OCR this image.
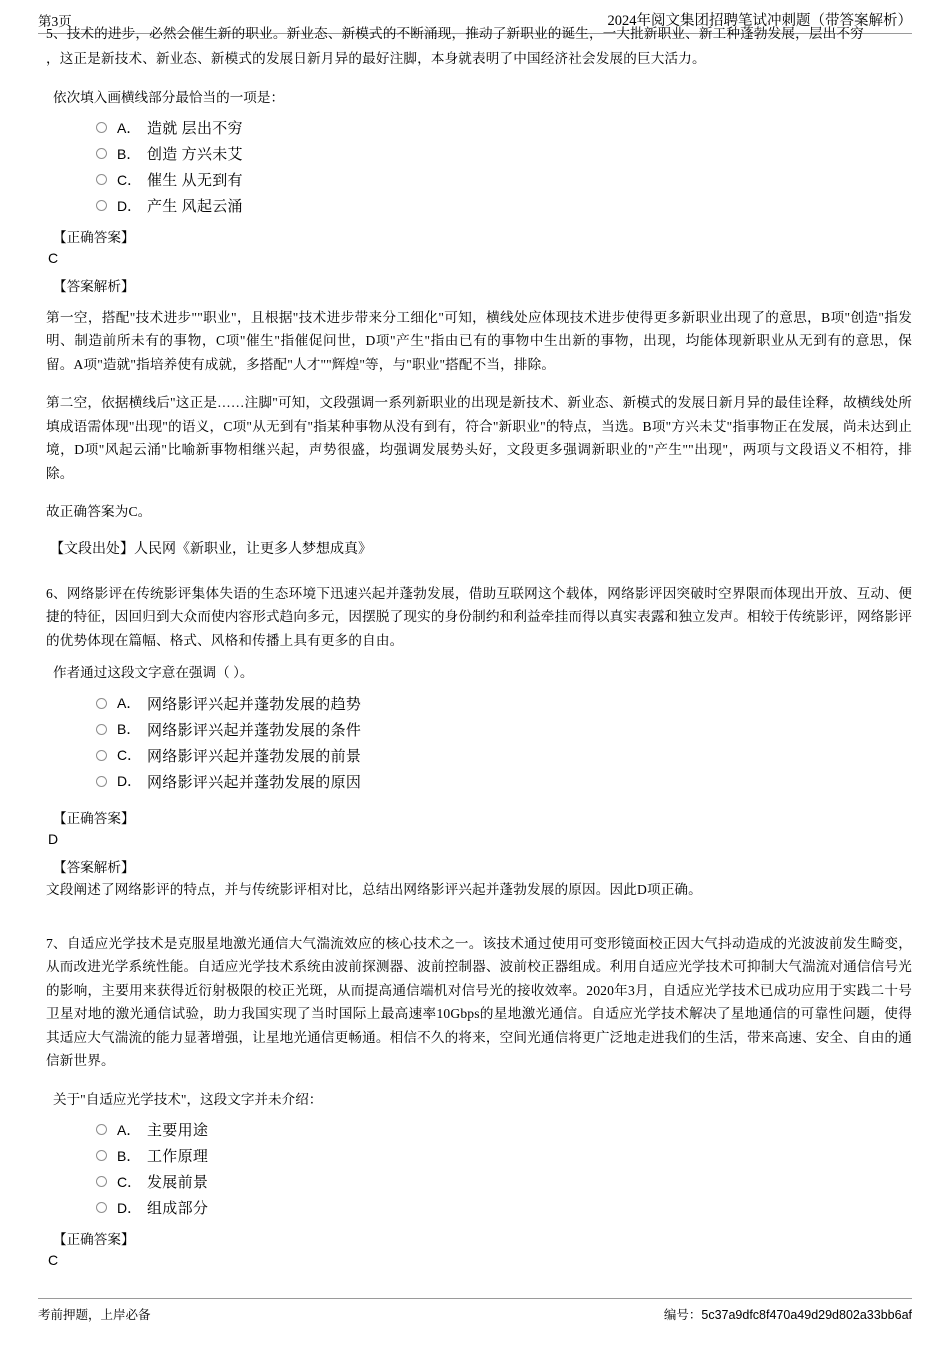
第3页	2024年阅文集团招聘笔试冲刺题（带答案解析）
5、技术的进步，必然会催生新的职业。新业态、新模式的不断涌现，推动了新职业的诞生，一大批新职业、新工种蓬勃发展，层出不穷

，这正是新技术、新业态、新模式的发展日新月异的最好注脚，本身就表明了中国经济社会发展的巨大活力。

依次填入画横线部分最恰当的一项是：

A． 造就 层出不穷
B． 创造 方兴未艾
C． 催生 从无到有
D． 产生 风起云涌

【正确答案】

C

【答案解析】

第一空，搭配"技术进步""职业"，且根据"技术进步带来分工细化"可知，横线处应体现技术进步使得更多新职业出现了的意思，B项"创造"指发明、制造前所未有的事物，C项"催生"指催促问世，D项"产生"指由已有的事物中生出新的事物，出现，均能体现新职业从无到有的意思，保留。A项"造就"指培养使有成就，多搭配"人才""辉煌"等，与"职业"搭配不当，排除。

第二空，依据横线后"这正是……注脚"可知，文段强调一系列新职业的出现是新技术、新业态、新模式的发展日新月异的最佳诠释，故横线处所填成语需体现"出现"的语义，C项"从无到有"指某种事物从没有到有，符合"新职业"的特点，当选。B项"方兴未艾"指事物正在发展，尚未达到止境，D项"风起云涌"比喻新事物相继兴起，声势很盛，均强调发展势头好，文段更多强调新职业的"产生""出现"，两项与文段语义不相符，排除。

故正确答案为C。

【文段出处】人民网《新职业，让更多人梦想成真》

6、网络影评在传统影评集体失语的生态环境下迅速兴起并蓬勃发展，借助互联网这个载体，网络影评因突破时空界限而体现出开放、互动、便捷的特征，因回归到大众而使内容形式趋向多元，因摆脱了现实的身份制约和利益牵挂而得以真实表露和独立发声。相较于传统影评，网络影评的优势体现在篇幅、格式、风格和传播上具有更多的自由。

作者通过这段文字意在强调（ ）。

A． 网络影评兴起并蓬勃发展的趋势
B． 网络影评兴起并蓬勃发展的条件
C． 网络影评兴起并蓬勃发展的前景
D． 网络影评兴起并蓬勃发展的原因

【正确答案】

D

【答案解析】

文段阐述了网络影评的特点，并与传统影评相对比，总结出网络影评兴起并蓬勃发展的原因。因此D项正确。

7、自适应光学技术是克服星地激光通信大气湍流效应的核心技术之一。该技术通过使用可变形镜面校正因大气抖动造成的光波波前发生畸变，从而改进光学系统性能。自适应光学技术系统由波前探测器、波前控制器、波前校正器组成。利用自适应光学技术可抑制大气湍流对通信信号光的影响，主要用来获得近衍射极限的校正光斑，从而提高通信端机对信号光的接收效率。2020年3月，自适应光学技术已成功应用于实践二十号卫星对地的激光通信试验，助力我国实现了当时国际上最高速率10Gbps的星地激光通信。自适应光学技术解决了星地通信的可靠性问题，使得其适应大气湍流的能力显著增强，让星地光通信更畅通。相信不久的将来，空间光通信将更广泛地走进我们的生活，带来高速、安全、自由的通信新世界。

关于"自适应光学技术"，这段文字并未介绍：

A． 主要用途
B． 工作原理
C． 发展前景
D． 组成部分

【正确答案】

C

考前押题，上岸必备	编号：5c37a9dfc8f470a49d29d802a33bb6af
